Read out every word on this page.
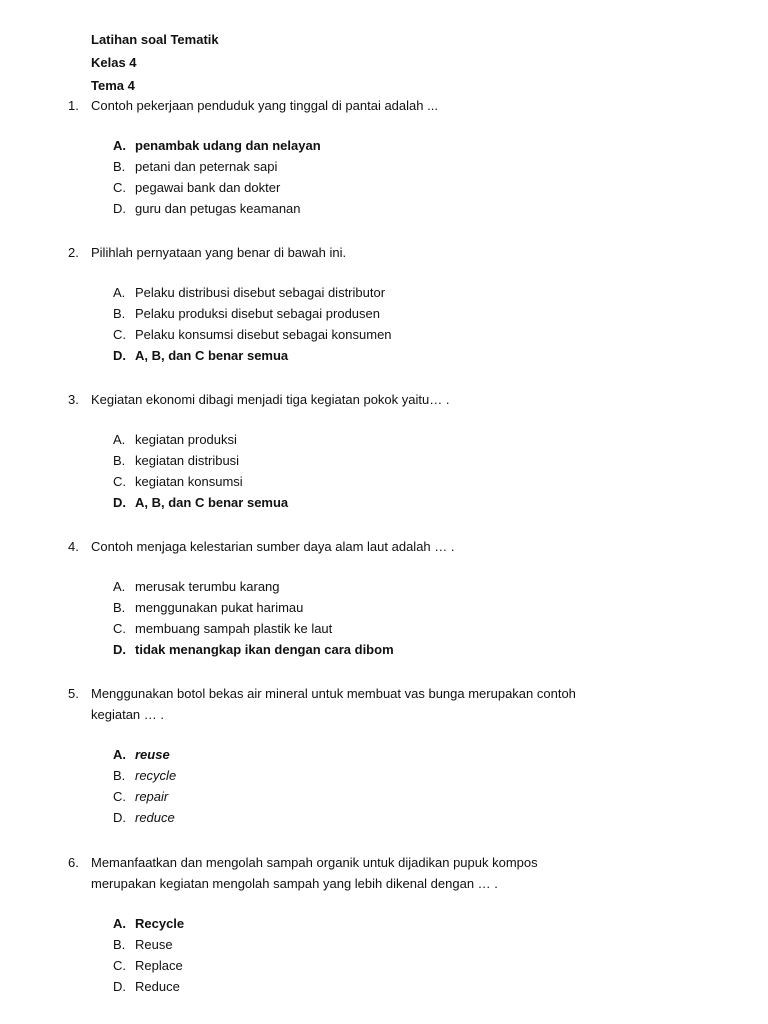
Latihan soal Tematik
Kelas 4
Tema 4
1. Contoh pekerjaan penduduk yang tinggal di pantai adalah ...
A. penambak udang dan nelayan
B. petani dan peternak sapi
C. pegawai bank dan dokter
D. guru dan petugas keamanan
2. Pilihlah pernyataan yang benar di bawah ini.
A. Pelaku distribusi disebut sebagai distributor
B. Pelaku produksi disebut sebagai produsen
C. Pelaku konsumsi disebut sebagai konsumen
D. A, B, dan C benar semua
3. Kegiatan ekonomi dibagi menjadi tiga kegiatan pokok yaitu… .
A. kegiatan produksi
B. kegiatan distribusi
C. kegiatan konsumsi
D. A, B, dan C benar semua
4. Contoh menjaga kelestarian sumber daya alam laut adalah … .
A. merusak terumbu karang
B. menggunakan pukat harimau
C. membuang sampah plastik ke laut
D. tidak menangkap ikan dengan cara dibom
5. Menggunakan botol bekas air mineral untuk membuat vas bunga merupakan contoh
kegiatan … .
A. reuse
B. recycle
C. repair
D. reduce
6. Memanfaatkan dan mengolah sampah organik untuk dijadikan pupuk kompos
merupakan kegiatan mengolah sampah yang lebih dikenal dengan … .
A. Recycle
B. Reuse
C. Replace
D. Reduce
